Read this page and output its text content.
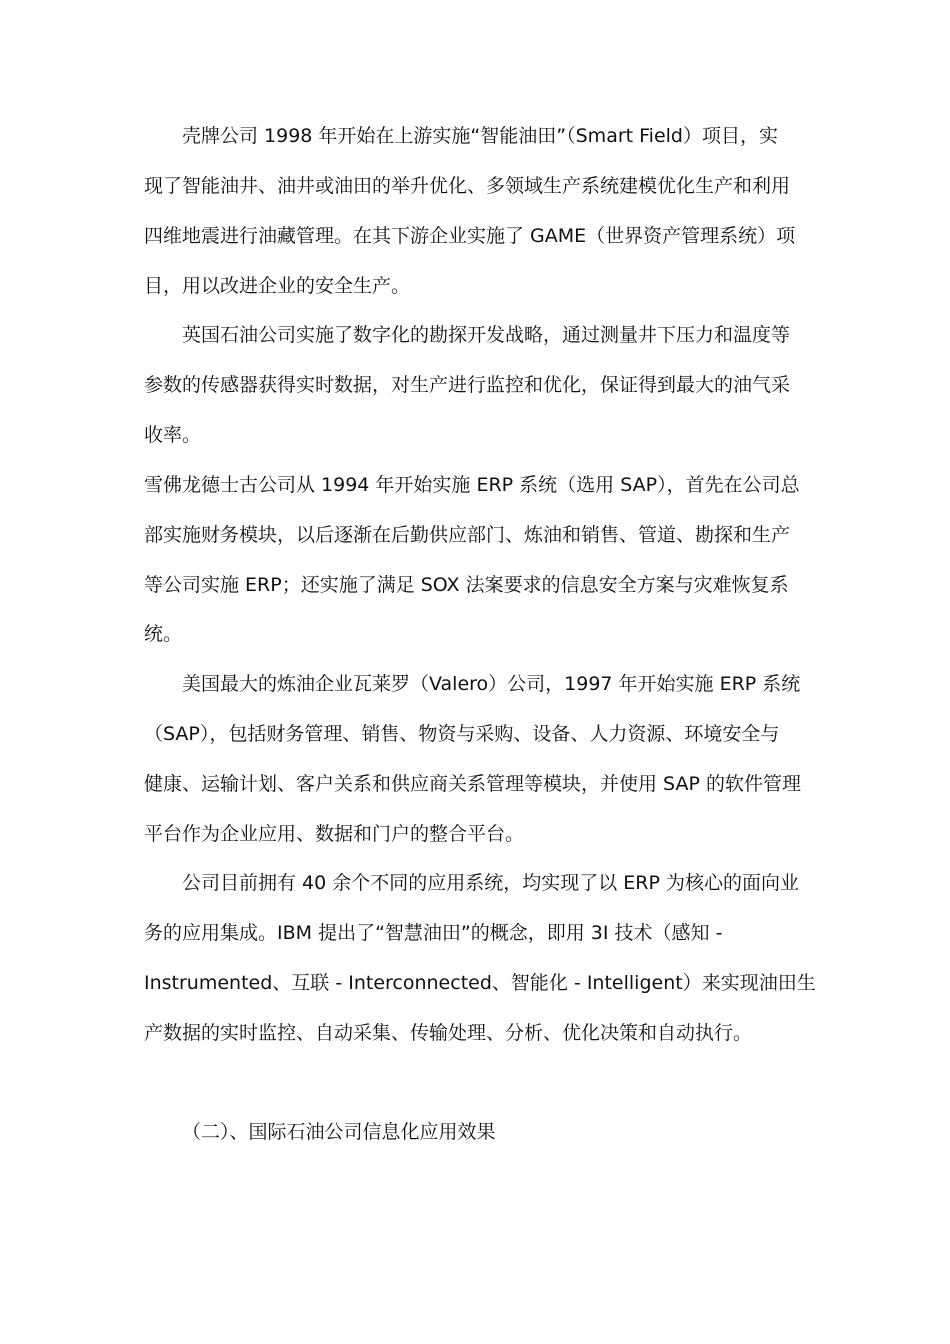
壳牌公司 1998 年开始在上游实施“智能油田”（Smart Field）项目，实
现了智能油井、油井或油田的举升优化、多领域生产系统建模优化生产和利用
四维地震进行油藏管理。在其下游企业实施了 GAME（世界资产管理系统）项
目，用以改进企业的安全生产。
英国石油公司实施了数字化的勘探开发战略，通过测量井下压力和温度等
参数的传感器获得实时数据，对生产进行监控和优化，保证得到最大的油气采
收率。
雪佛龙德士古公司从 1994 年开始实施 ERP 系统（选用 SAP），首先在公司总
部实施财务模块，以后逐渐在后勤供应部门、炼油和销售、管道、勘探和生产
等公司实施 ERP；还实施了满足 SOX 法案要求的信息安全方案与灾难恢复系
统。
美国最大的炼油企业瓦莱罗（Valero）公司，1997 年开始实施 ERP 系统
（SAP），包括财务管理、销售、物资与采购、设备、人力资源、环境安全与
健康、运输计划、客户关系和供应商关系管理等模块，并使用 SAP 的软件管理
平台作为企业应用、数据和门户的整合平台。
公司目前拥有 40 余个不同的应用系统，均实现了以 ERP 为核心的面向业
务的应用集成。IBM 提出了“智慧油田”的概念，即用 3I 技术（感知 -
Instrumented、互联 - Interconnected、智能化 - Intelligent）来实现油田生
产数据的实时监控、自动采集、传输处理、分析、优化决策和自动执行。
（二）、国际石油公司信息化应用效果
